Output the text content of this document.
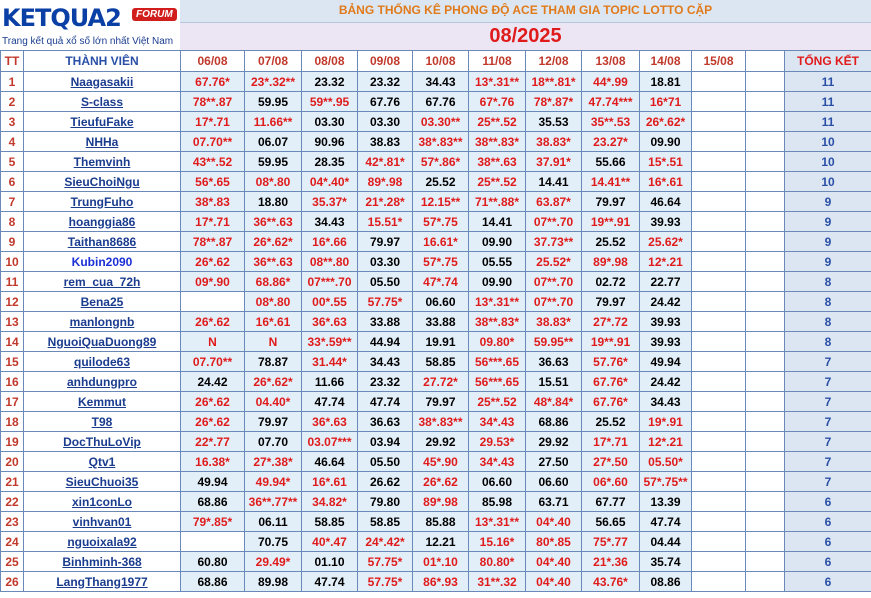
KETQUA2	FORUM
Trang kết quả xổ số lớn nhất Việt Nam
BẢNG THỐNG KÊ PHONG ĐỘ ACE THAM GIA TOPIC LOTTO CẶP
08/2025
TT	THÀNH VIÊN	06/08	07/08	08/08	09/08	10/08	11/08	12/08	13/08	14/08	15/08		TỔNG KẾT
1	Naagasakii	67.76*	23*.32**	23.32	23.32	34.43	13*.31**	18**.81*	44*.99	18.81			11
2	S-class	78**.87	59.95	59**.95	67.76	67.76	67*.76	78*.87*	47.74***	16*71			11
3	TieufuFake	17*.71	11.66**	03.30	03.30	03.30**	25**.52	35.53	35**.53	26*.62*			11
4	NHHa	07.70**	06.07	90.96	38.83	38*.83**	38**.83*	38.83*	23.27*	09.90			10
5	Themvinh	43**.52	59.95	28.35	42*.81*	57*.86*	38**.63	37.91*	55.66	15*.51			10
6	SieuChoiNgu	56*.65	08*.80	04*.40*	89*.98	25.52	25**.52	14.41	14.41**	16*.61			10
7	TrungFuho	38*.83	18.80	35.37*	21*.28*	12.15**	71**.88*	63.87*	79.97	46.64			9
8	hoanggia86	17*.71	36**.63	34.43	15.51*	57*.75	14.41	07**.70	19**.91	39.93			9
9	Taithan8686	78**.87	26*.62*	16*.66	79.97	16.61*	09.90	37.73**	25.52	25.62*			9
10	Kubin2090	26*.62	36**.63	08**.80	03.30	57*.75	05.55	25.52*	89*.98	12*.21			9
11	rem_cua_72h	09*.90	68.86*	07***.70	05.50	47*.74	09.90	07**.70	02.72	22.77			8
12	Bena25		08*.80	00*.55	57.75*	06.60	13*.31**	07**.70	79.97	24.42			8
13	manlongnb	26*.62	16*.61	36*.63	33.88	33.88	38**.83*	38.83*	27*.72	39.93			8
14	NguoiQuaDuong89	N	N	33*.59**	44.94	19.91	09.80*	59.95**	19**.91	39.93			8
15	quilode63	07.70**	78.87	31.44*	34.43	58.85	56***.65	36.63	57.76*	49.94			7
16	anhdungpro	24.42	26*.62*	11.66	23.32	27.72*	56***.65	15.51	67.76*	24.42			7
17	Kemmut	26*.62	04.40*	47.74	47.74	79.97	25**.52	48*.84*	67.76*	34.43			7
18	T98	26*.62	79.97	36*.63	36.63	38*.83**	34*.43	68.86	25.52	19*.91			7
19	DocThuLoVip	22*.77	07.70	03.07***	03.94	29.92	29.53*	29.92	17*.71	12*.21			7
20	Qtv1	16.38*	27*.38*	46.64	05.50	45*.90	34*.43	27.50	27*.50	05.50*			7
21	SieuChuoi35	49.94	49.94*	16*.61	26.62	26*.62	06.60	06.60	06*.60	57*.75**			7
22	xin1conLo	68.86	36**.77**	34.82*	79.80	89*.98	85.98	63.71	67.77	13.39			6
23	vinhvan01	79*.85*	06.11	58.85	58.85	85.88	13*.31**	04*.40	56.65	47.74			6
24	nguoixala92		70.75	40*.47	24*.42*	12.21	15.16*	80*.85	75*.77	04.44			6
25	Binhminh-368	60.80	29.49*	01.10	57.75*	01*.10	80.80*	04*.40	21*.36	35.74			6
26	LangThang1977	68.86	89.98	47.74	57.75*	86*.93	31**.32	04*.40	43.76*	08.86			6
